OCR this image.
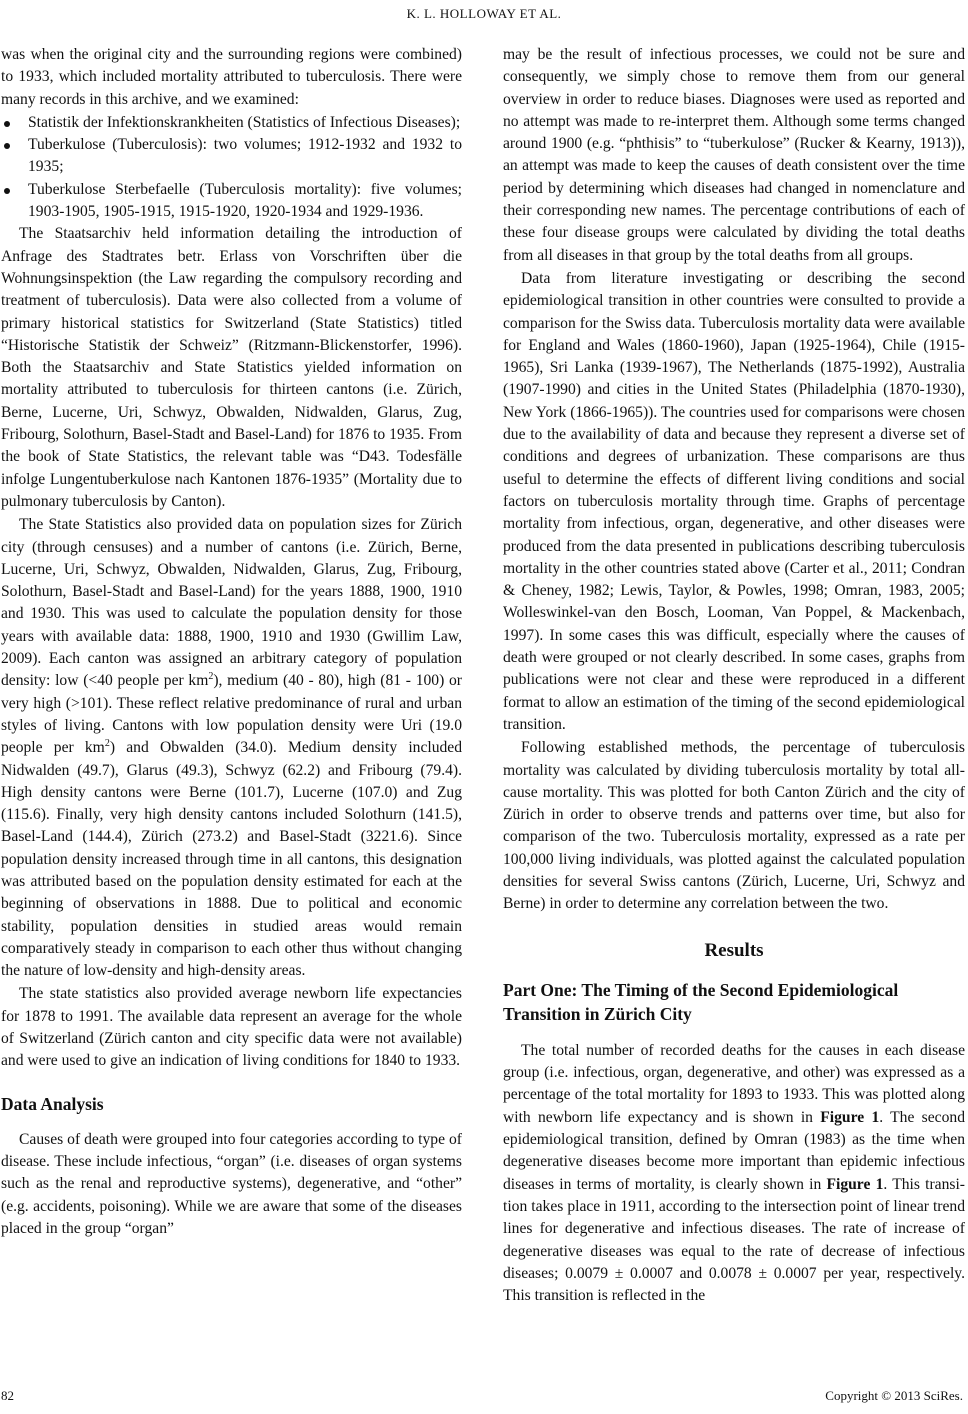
K. L. HOLLOWAY ET AL.

was when the original city and the surrounding regions were combined) to 1933, which included mortality attributed to tuberculosis. There were many records in this archive, and we examined:

Statistik der Infektionskrankheiten (Statistics of Infectious Diseases);
Tuberkulose (Tuberculosis): two volumes; 1912-1932 and 1932 to 1935;
Tuberkulose Sterbefaelle (Tuberculosis mortality): five volumes; 1903-1905, 1905-1915, 1915-1920, 1920-1934 and 1929-1936.

The Staatsarchiv held information detailing the introduction of Anfrage des Stadtrates betr. Erlass von Vorschriften über die Wohnungsinspektion (the Law regarding the compulsory recording and treatment of tuberculosis). Data were also collected from a volume of primary historical statistics for Switzerland (State Statistics) titled “Historische Statistik der Schweiz” (Ritzmann-Blickenstorfer, 1996). Both the Staatsarchiv and State Statistics yielded information on mortality attributed to tuberculosis for thirteen cantons (i.e. Zürich, Berne, Lucerne, Uri, Schwyz, Obwalden, Nidwalden, Glarus, Zug, Fribourg, Solothurn, Basel-Stadt and Basel-Land) for 1876 to 1935. From the book of State Statistics, the relevant table was “D43. Todesfälle infolge Lungentuberkulose nach Kantonen 1876-1935” (Mortality due to pulmonary tuberculosis by Canton).

The State Statistics also provided data on population sizes for Zürich city (through censuses) and a number of cantons (i.e. Zürich, Berne, Lucerne, Uri, Schwyz, Obwalden, Nidwalden, Glarus, Zug, Fribourg, Solothurn, Basel-Stadt and Basel-Land) for the years 1888, 1900, 1910 and 1930. This was used to calculate the population density for those years with available data: 1888, 1900, 1910 and 1930 (Gwillim Law, 2009). Each canton was assigned an arbitrary category of population density: low (<40 people per $km^2$), medium (40 - 80), high (81 - 100) or very high (>101). These reflect relative predominance of rural and urban styles of living. Cantons with low population density were Uri (19.0 people per $km^2$) and Obwalden (34.0). Medium density included Nidwalden (49.7), Glarus (49.3), Schwyz (62.2) and Fribourg (79.4). High density cantons were Berne (101.7), Lucerne (107.0) and Zug (115.6). Finally, very high density cantons included Solothurn (141.5), Basel-Land (144.4), Zürich (273.2) and Basel-Stadt (3221.6). Since population density increased through time in all cantons, this designation was attributed based on the population density estimated for each at the beginning of observations in 1888. Due to political and economic stability, population densities in studied areas would remain comparatively steady in comparison to each other thus without changing the nature of low-density and high-density areas.

The state statistics also provided average newborn life expectancies for 1878 to 1991. The available data represent an average for the whole of Switzerland (Zürich canton and city specific data were not available) and were used to give an indication of living conditions for 1840 to 1933.

Data Analysis

Causes of death were grouped into four categories according to type of disease. These include infectious, “organ” (i.e. diseases of organ systems such as the renal and reproductive systems), degenerative, and “other” (e.g. accidents, poisoning). While we are aware that some of the diseases placed in the group “organ”

may be the result of infectious processes, we could not be sure and consequently, we simply chose to remove them from our general overview in order to reduce biases. Diagnoses were used as reported and no attempt was made to re-interpret them. Although some terms changed around 1900 (e.g. “phthisis” to “tuberkulose” (Rucker & Kearny, 1913)), an attempt was made to keep the causes of death consistent over the time period by determining which diseases had changed in nomenclature and their corresponding new names. The percentage contributions of each of these four disease groups were calculated by dividing the total deaths from all diseases in that group by the total deaths from all groups.

Data from literature investigating or describing the second epidemiological transition in other countries were consulted to provide a comparison for the Swiss data. Tuberculosis mortality data were available for England and Wales (1860-1960), Japan (1925-1964), Chile (1915-1965), Sri Lanka (1939-1967), The Netherlands (1875-1992), Australia (1907-1990) and cities in the United States (Philadelphia (1870-1930), New York (1866-1965)). The countries used for comparisons were chosen due to the availability of data and because they represent a diverse set of conditions and degrees of urbanization. These comparisons are thus useful to determine the effects of different living conditions and social factors on tuberculosis mortality through time. Graphs of percentage mortality from infectious, organ, degenerative, and other diseases were produced from the data presented in publications describing tuberculosis mortality in the other countries stated above (Carter et al., 2011; Condran & Cheney, 1982; Lewis, Taylor, & Powles, 1998; Omran, 1983, 2005; Wolleswinkel-van den Bosch, Looman, Van Poppel, & Mackenbach, 1997). In some cases this was difficult, especially where the causes of death were grouped or not clearly described. In some cases, graphs from publications were not clear and these were reproduced in a different format to allow an estimation of the timing of the second epidemiological transition.

Following established methods, the percentage of tuberculosis mortality was calculated by dividing tuberculosis mortality by total all-cause mortality. This was plotted for both Canton Zürich and the city of Zürich in order to observe trends and patterns over time, but also for comparison of the two. Tuberculosis mortality, expressed as a rate per 100,000 living individuals, was plotted against the calculated population densities for several Swiss cantons (Zürich, Lucerne, Uri, Schwyz and Berne) in order to determine any correlation between the two.

Results
Part One: The Timing of the Second Epidemiological Transition in Zürich City

The total number of recorded deaths for the causes in each disease group (i.e. infectious, organ, degenerative, and other) was expressed as a percentage of the total mortality for 1893 to 1933. This was plotted along with newborn life expectancy and is shown in Figure 1. The second epidemiological transition, defined by Omran (1983) as the time when degenerative diseases become more important than epidemic infectious diseases in terms of mortality, is clearly shown in Figure 1. This transition takes place in 1911, according to the intersection point of linear trend lines for degenerative and infectious diseases. The rate of increase of degenerative diseases was equal to the rate of decrease of infectious diseases; 0.0079 ± 0.0007 and 0.0078 ± 0.0007 per year, respectively. This transition is reflected in the

82	Copyright © 2013 SciRes.
